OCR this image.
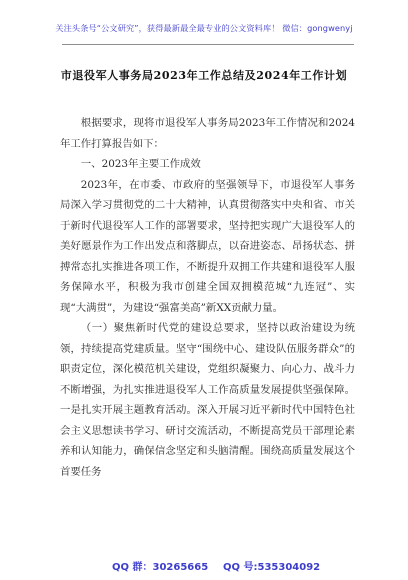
关注头条号“公文研究”，获得最新最全最专业的公文资料库！ 微信：gongwenyj
市退役军人事务局2023年工作总结及2024年工作计划

根据要求，现将市退役军人事务局2023年工作情况和2024年工作打算报告如下：

一、2023年主要工作成效

2023年，在市委、市政府的坚强领导下，市退役军人事务局深入学习贯彻党的二十大精神，认真贯彻落实中央和省、市关于新时代退役军人工作的部署要求，坚持把实现广大退役军人的美好愿景作为工作出发点和落脚点，以奋进姿态、昂扬状态、拼搏常态扎实推进各项工作，不断提升双拥工作共建和退役军人服务保障水平，积极为我市创建全国双拥模范城“九连冠”、实现“大满贯”，为建设“强富美高”新XX贡献力量。

（一）聚焦新时代党的建设总要求，坚持以政治建设为统领，持续提高党建质量。坚守“围绕中心、建设队伍服务群众”的职责定位，深化模范机关建设，党组织凝聚力、向心力、战斗力不断增强，为扎实推进退役军人工作高质量发展提供坚强保障。一是扎实开展主题教育活动。深入开展习近平新时代中国特色社会主义思想读书学习、研讨交流活动，不断提高党员干部理论素养和认知能力，确保信念坚定和头脑清醒。围绕高质量发展这个首要任务

QQ 群：30265665 QQ 号:535304092
